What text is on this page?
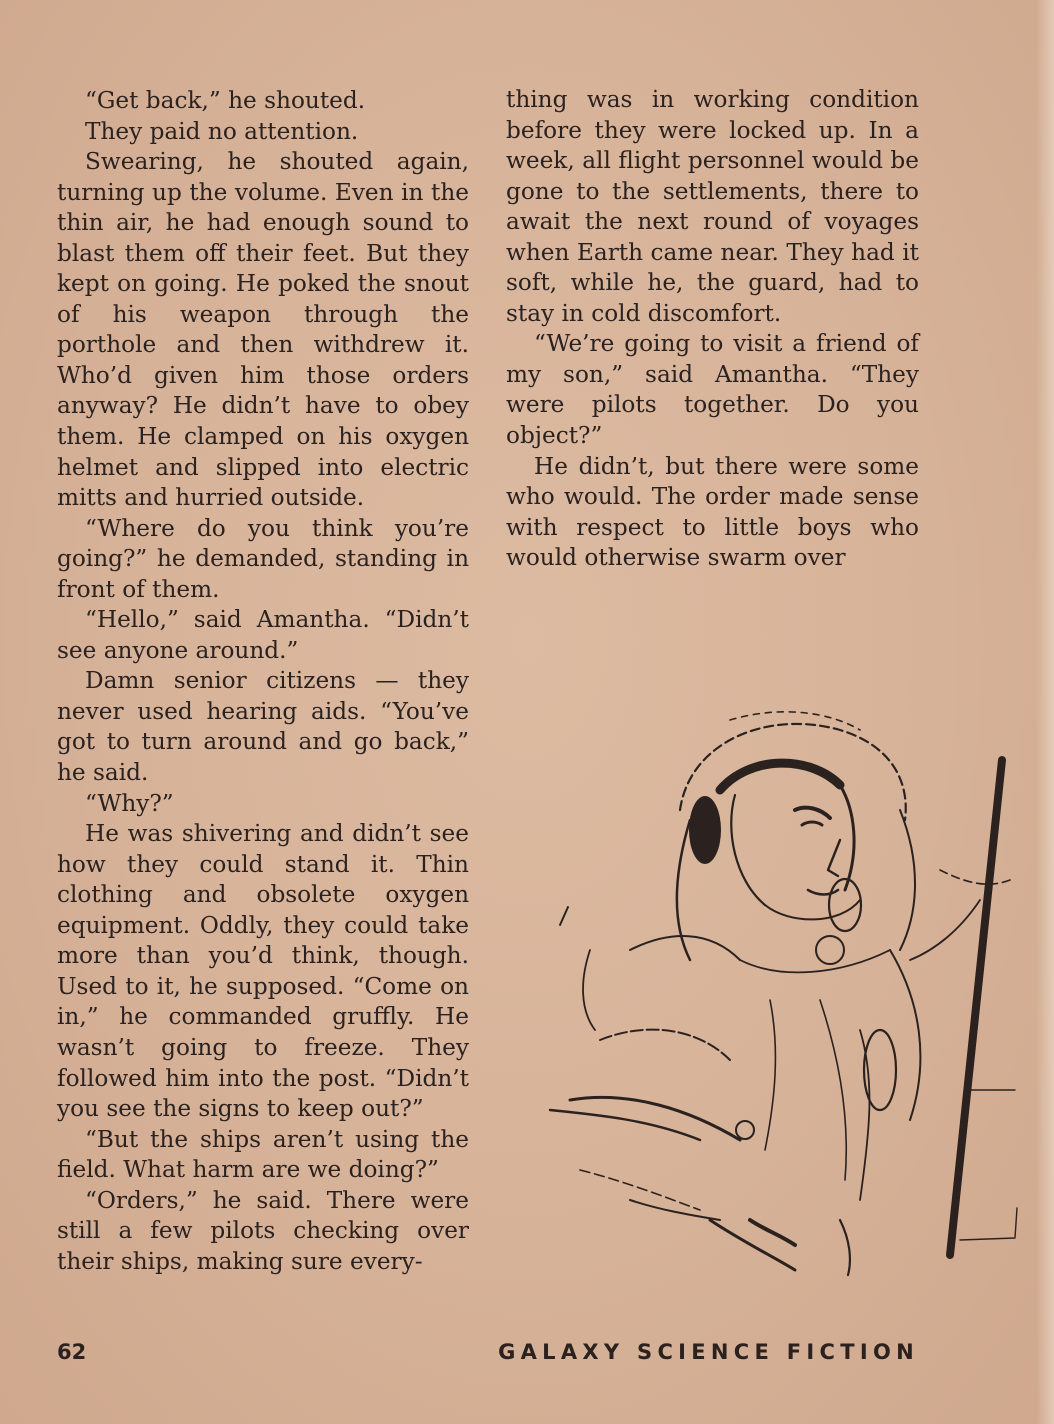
“Get back,” he shouted.

They paid no attention.

Swearing, he shouted again, turning up the volume. Even in the thin air, he had enough sound to blast them off their feet. But they kept on going. He poked the snout of his weapon through the porthole and then withdrew it. Who’d given him those orders anyway? He didn’t have to obey them. He clamped on his oxygen helmet and slipped into electric mitts and hurried outside.

“Where do you think you’re going?” he demanded, standing in front of them.

“Hello,” said Amantha. “Didn’t see anyone around.”

Damn senior citizens — they never used hearing aids. “You’ve got to turn around and go back,” he said.

“Why?”

He was shivering and didn’t see how they could stand it. Thin clothing and obsolete oxygen equipment. Oddly, they could take more than you’d think, though. Used to it, he supposed. “Come on in,” he commanded gruffly. He wasn’t going to freeze. They followed him into the post. “Didn’t you see the signs to keep out?”

“But the ships aren’t using the field. What harm are we doing?”

“Orders,” he said. There were still a few pilots checking over their ships, making sure every-

thing was in working condition before they were locked up. In a week, all flight personnel would be gone to the settlements, there to await the next round of voyages when Earth came near. They had it soft, while he, the guard, had to stay in cold discomfort.

“We’re going to visit a friend of my son,” said Amantha. “They were pilots together. Do you object?”

He didn’t, but there were some who would. The order made sense with respect to little boys who would otherwise swarm over

62	GALAXY SCIENCE FICTION
